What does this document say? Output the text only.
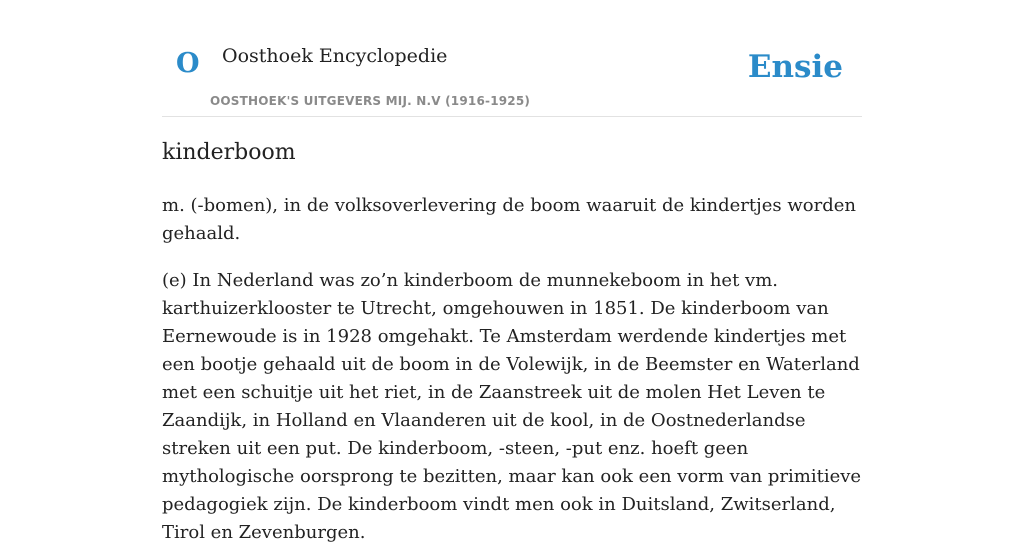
O Oosthoek Encyclopedie
OOSTHOEK'S UITGEVERS MIJ. N.V (1916-1925)
Ensie
kinderboom

m. (-bomen), in de volksoverlevering de boom waaruit de kindertjes worden gehaald.

(e) In Nederland was zo’n kinderboom de munnekeboom in het vm. karthuizerklooster te Utrecht, omgehouwen in 1851. De kinderboom van Eernewoude is in 1928 omgehakt. Te Amsterdam werdende kindertjes met een bootje gehaald uit de boom in de Volewijk, in de Beemster en Waterland met een schuitje uit het riet, in de Zaanstreek uit de molen Het Leven te Zaandijk, in Holland en Vlaanderen uit de kool, in de Oostnederlandse streken uit een put. De kinderboom, -steen, -put enz. hoeft geen mythologische oorsprong te bezitten, maar kan ook een vorm van primitieve pedagogiek zijn. De kinderboom vindt men ook in Duitsland, Zwitserland, Tirol en Zevenburgen.
